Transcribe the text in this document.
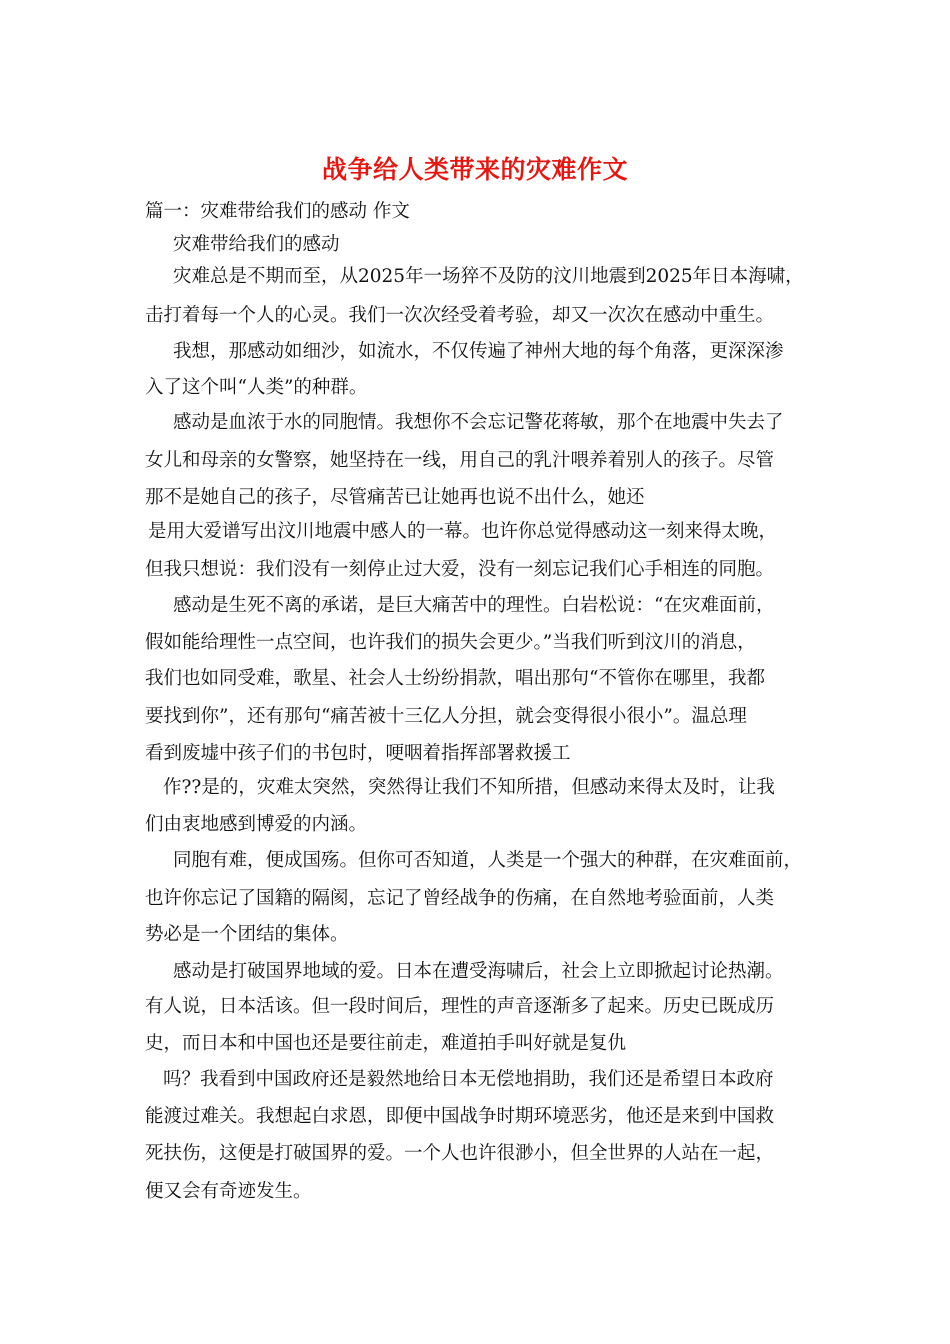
战争给人类带来的灾难作文
篇一：灾难带给我们的感动 作文
灾难带给我们的感动
灾难总是不期而至，从2025年一场猝不及防的汶川地震到2025年日本海啸，
击打着每一个人的心灵。我们一次次经受着考验，却又一次次在感动中重生。
我想，那感动如细沙，如流水，不仅传遍了神州大地的每个角落，更深深渗
入了这个叫“人类”的种群。
感动是血浓于水的同胞情。我想你不会忘记警花蒋敏，那个在地震中失去了
女儿和母亲的女警察，她坚持在一线，用自己的乳汁喂养着别人的孩子。尽管
那不是她自己的孩子，尽管痛苦已让她再也说不出什么，她还
是用大爱谱写出汶川地震中感人的一幕。也许你总觉得感动这一刻来得太晚，
但我只想说：我们没有一刻停止过大爱，没有一刻忘记我们心手相连的同胞。
感动是生死不离的承诺，是巨大痛苦中的理性。白岩松说：“在灾难面前，
假如能给理性一点空间，也许我们的损失会更少。”当我们听到汶川的消息，
我们也如同受难，歌星、社会人士纷纷捐款，唱出那句“不管你在哪里，我都
要找到你”，还有那句“痛苦被十三亿人分担，就会变得很小很小”。温总理
看到废墟中孩子们的书包时，哽咽着指挥部署救援工
作??是的，灾难太突然，突然得让我们不知所措，但感动来得太及时，让我
们由衷地感到博爱的内涵。
同胞有难，便成国殇。但你可否知道，人类是一个强大的种群，在灾难面前，
也许你忘记了国籍的隔阂，忘记了曾经战争的伤痛，在自然地考验面前，人类
势必是一个团结的集体。
感动是打破国界地域的爱。日本在遭受海啸后，社会上立即掀起讨论热潮。
有人说，日本活该。但一段时间后，理性的声音逐渐多了起来。历史已既成历
史，而日本和中国也还是要往前走，难道拍手叫好就是复仇
吗？我看到中国政府还是毅然地给日本无偿地捐助，我们还是希望日本政府
能渡过难关。我想起白求恩，即便中国战争时期环境恶劣，他还是来到中国救
死扶伤，这便是打破国界的爱。一个人也许很渺小，但全世界的人站在一起，
便又会有奇迹发生。
